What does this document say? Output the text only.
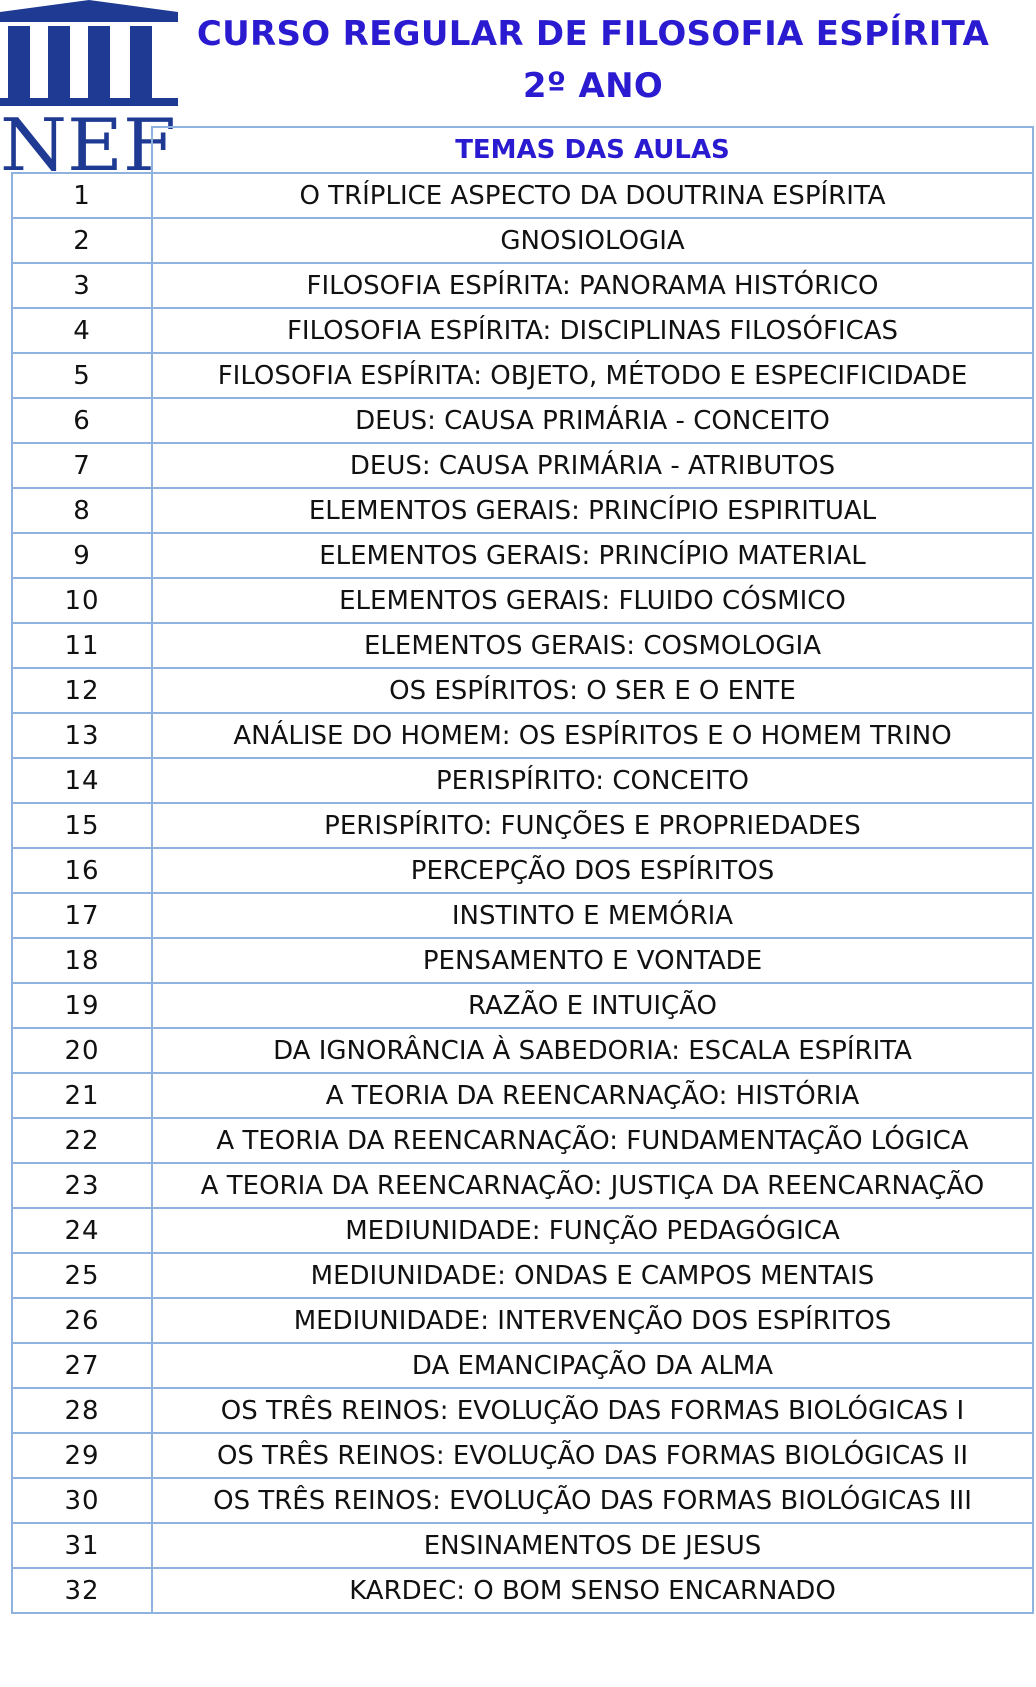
NEF
CURSO REGULAR DE FILOSOFIA ESPÍRITA
2º ANO
	TEMAS DAS AULAS
1	O TRÍPLICE ASPECTO DA DOUTRINA ESPÍRITA
2	GNOSIOLOGIA
3	FILOSOFIA ESPÍRITA: PANORAMA HISTÓRICO
4	FILOSOFIA ESPÍRITA: DISCIPLINAS FILOSÓFICAS
5	FILOSOFIA ESPÍRITA: OBJETO, MÉTODO E ESPECIFICIDADE
6	DEUS: CAUSA PRIMÁRIA - CONCEITO
7	DEUS: CAUSA PRIMÁRIA - ATRIBUTOS
8	ELEMENTOS GERAIS: PRINCÍPIO ESPIRITUAL
9	ELEMENTOS GERAIS: PRINCÍPIO MATERIAL
10	ELEMENTOS GERAIS: FLUIDO CÓSMICO
11	ELEMENTOS GERAIS: COSMOLOGIA
12	OS ESPÍRITOS: O SER E O ENTE
13	ANÁLISE DO HOMEM: OS ESPÍRITOS E O HOMEM TRINO
14	PERISPÍRITO: CONCEITO
15	PERISPÍRITO: FUNÇÕES E PROPRIEDADES
16	PERCEPÇÃO DOS ESPÍRITOS
17	INSTINTO E MEMÓRIA
18	PENSAMENTO E VONTADE
19	RAZÃO E INTUIÇÃO
20	DA IGNORÂNCIA À SABEDORIA: ESCALA ESPÍRITA
21	A TEORIA DA REENCARNAÇÃO: HISTÓRIA
22	A TEORIA DA REENCARNAÇÃO: FUNDAMENTAÇÃO LÓGICA
23	A TEORIA DA REENCARNAÇÃO: JUSTIÇA DA REENCARNAÇÃO
24	MEDIUNIDADE: FUNÇÃO PEDAGÓGICA
25	MEDIUNIDADE: ONDAS E CAMPOS MENTAIS
26	MEDIUNIDADE: INTERVENÇÃO DOS ESPÍRITOS
27	DA EMANCIPAÇÃO DA ALMA
28	OS TRÊS REINOS: EVOLUÇÃO DAS FORMAS BIOLÓGICAS I
29	OS TRÊS REINOS: EVOLUÇÃO DAS FORMAS BIOLÓGICAS II
30	OS TRÊS REINOS: EVOLUÇÃO DAS FORMAS BIOLÓGICAS III
31	ENSINAMENTOS DE JESUS
32	KARDEC: O BOM SENSO ENCARNADO
